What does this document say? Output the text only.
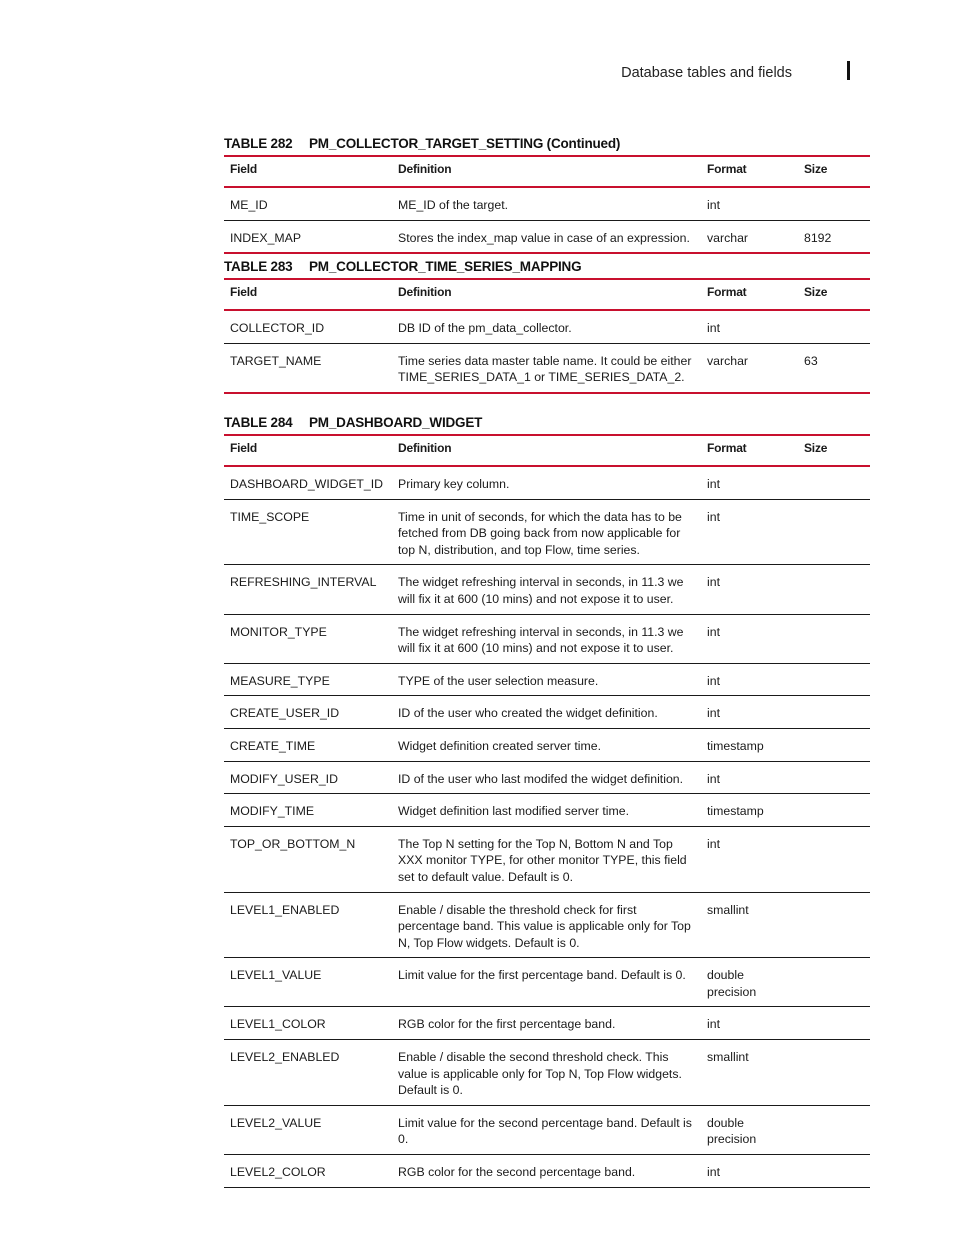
Database tables and fields
TABLE 282 PM_COLLECTOR_TARGET_SETTING (Continued)
Field	Definition	Format	Size
ME_ID	ME_ID of the target.	int	
INDEX_MAP	Stores the index_map value in case of an expression.	varchar	8192
TABLE 283 PM_COLLECTOR_TIME_SERIES_MAPPING
Field	Definition	Format	Size
COLLECTOR_ID	DB ID of the pm_data_collector.	int	
TARGET_NAME	Time series data master table name. It could be either TIME_SERIES_DATA_1 or TIME_SERIES_DATA_2.	varchar	63
TABLE 284 PM_DASHBOARD_WIDGET
Field	Definition	Format	Size
DASHBOARD_WIDGET_ID	Primary key column.	int	
TIME_SCOPE	Time in unit of seconds, for which the data has to be fetched from DB going back from now applicable for top N, distribution, and top Flow, time series.	int	
REFRESHING_INTERVAL	The widget refreshing interval in seconds, in 11.3 we will fix it at 600 (10 mins) and not expose it to user.	int	
MONITOR_TYPE	The widget refreshing interval in seconds, in 11.3 we will fix it at 600 (10 mins) and not expose it to user.	int	
MEASURE_TYPE	TYPE of the user selection measure.	int	
CREATE_USER_ID	ID of the user who created the widget definition.	int	
CREATE_TIME	Widget definition created server time.	timestamp	
MODIFY_USER_ID	ID of the user who last modifed the widget definition.	int	
MODIFY_TIME	Widget definition last modified server time.	timestamp	
TOP_OR_BOTTOM_N	The Top N setting for the Top N, Bottom N and Top XXX monitor TYPE, for other monitor TYPE, this field set to default value. Default is 0.	int	
LEVEL1_ENABLED	Enable / disable the threshold check for first percentage band. This value is applicable only for Top N, Top Flow widgets. Default is 0.	smallint	
LEVEL1_VALUE	Limit value for the first percentage band. Default is 0.	double precision	
LEVEL1_COLOR	RGB color for the first percentage band.	int	
LEVEL2_ENABLED	Enable / disable the second threshold check. This value is applicable only for Top N, Top Flow widgets. Default is 0.	smallint	
LEVEL2_VALUE	Limit value for the second percentage band. Default is 0.	double precision	
LEVEL2_COLOR	RGB color for the second percentage band.	int	
